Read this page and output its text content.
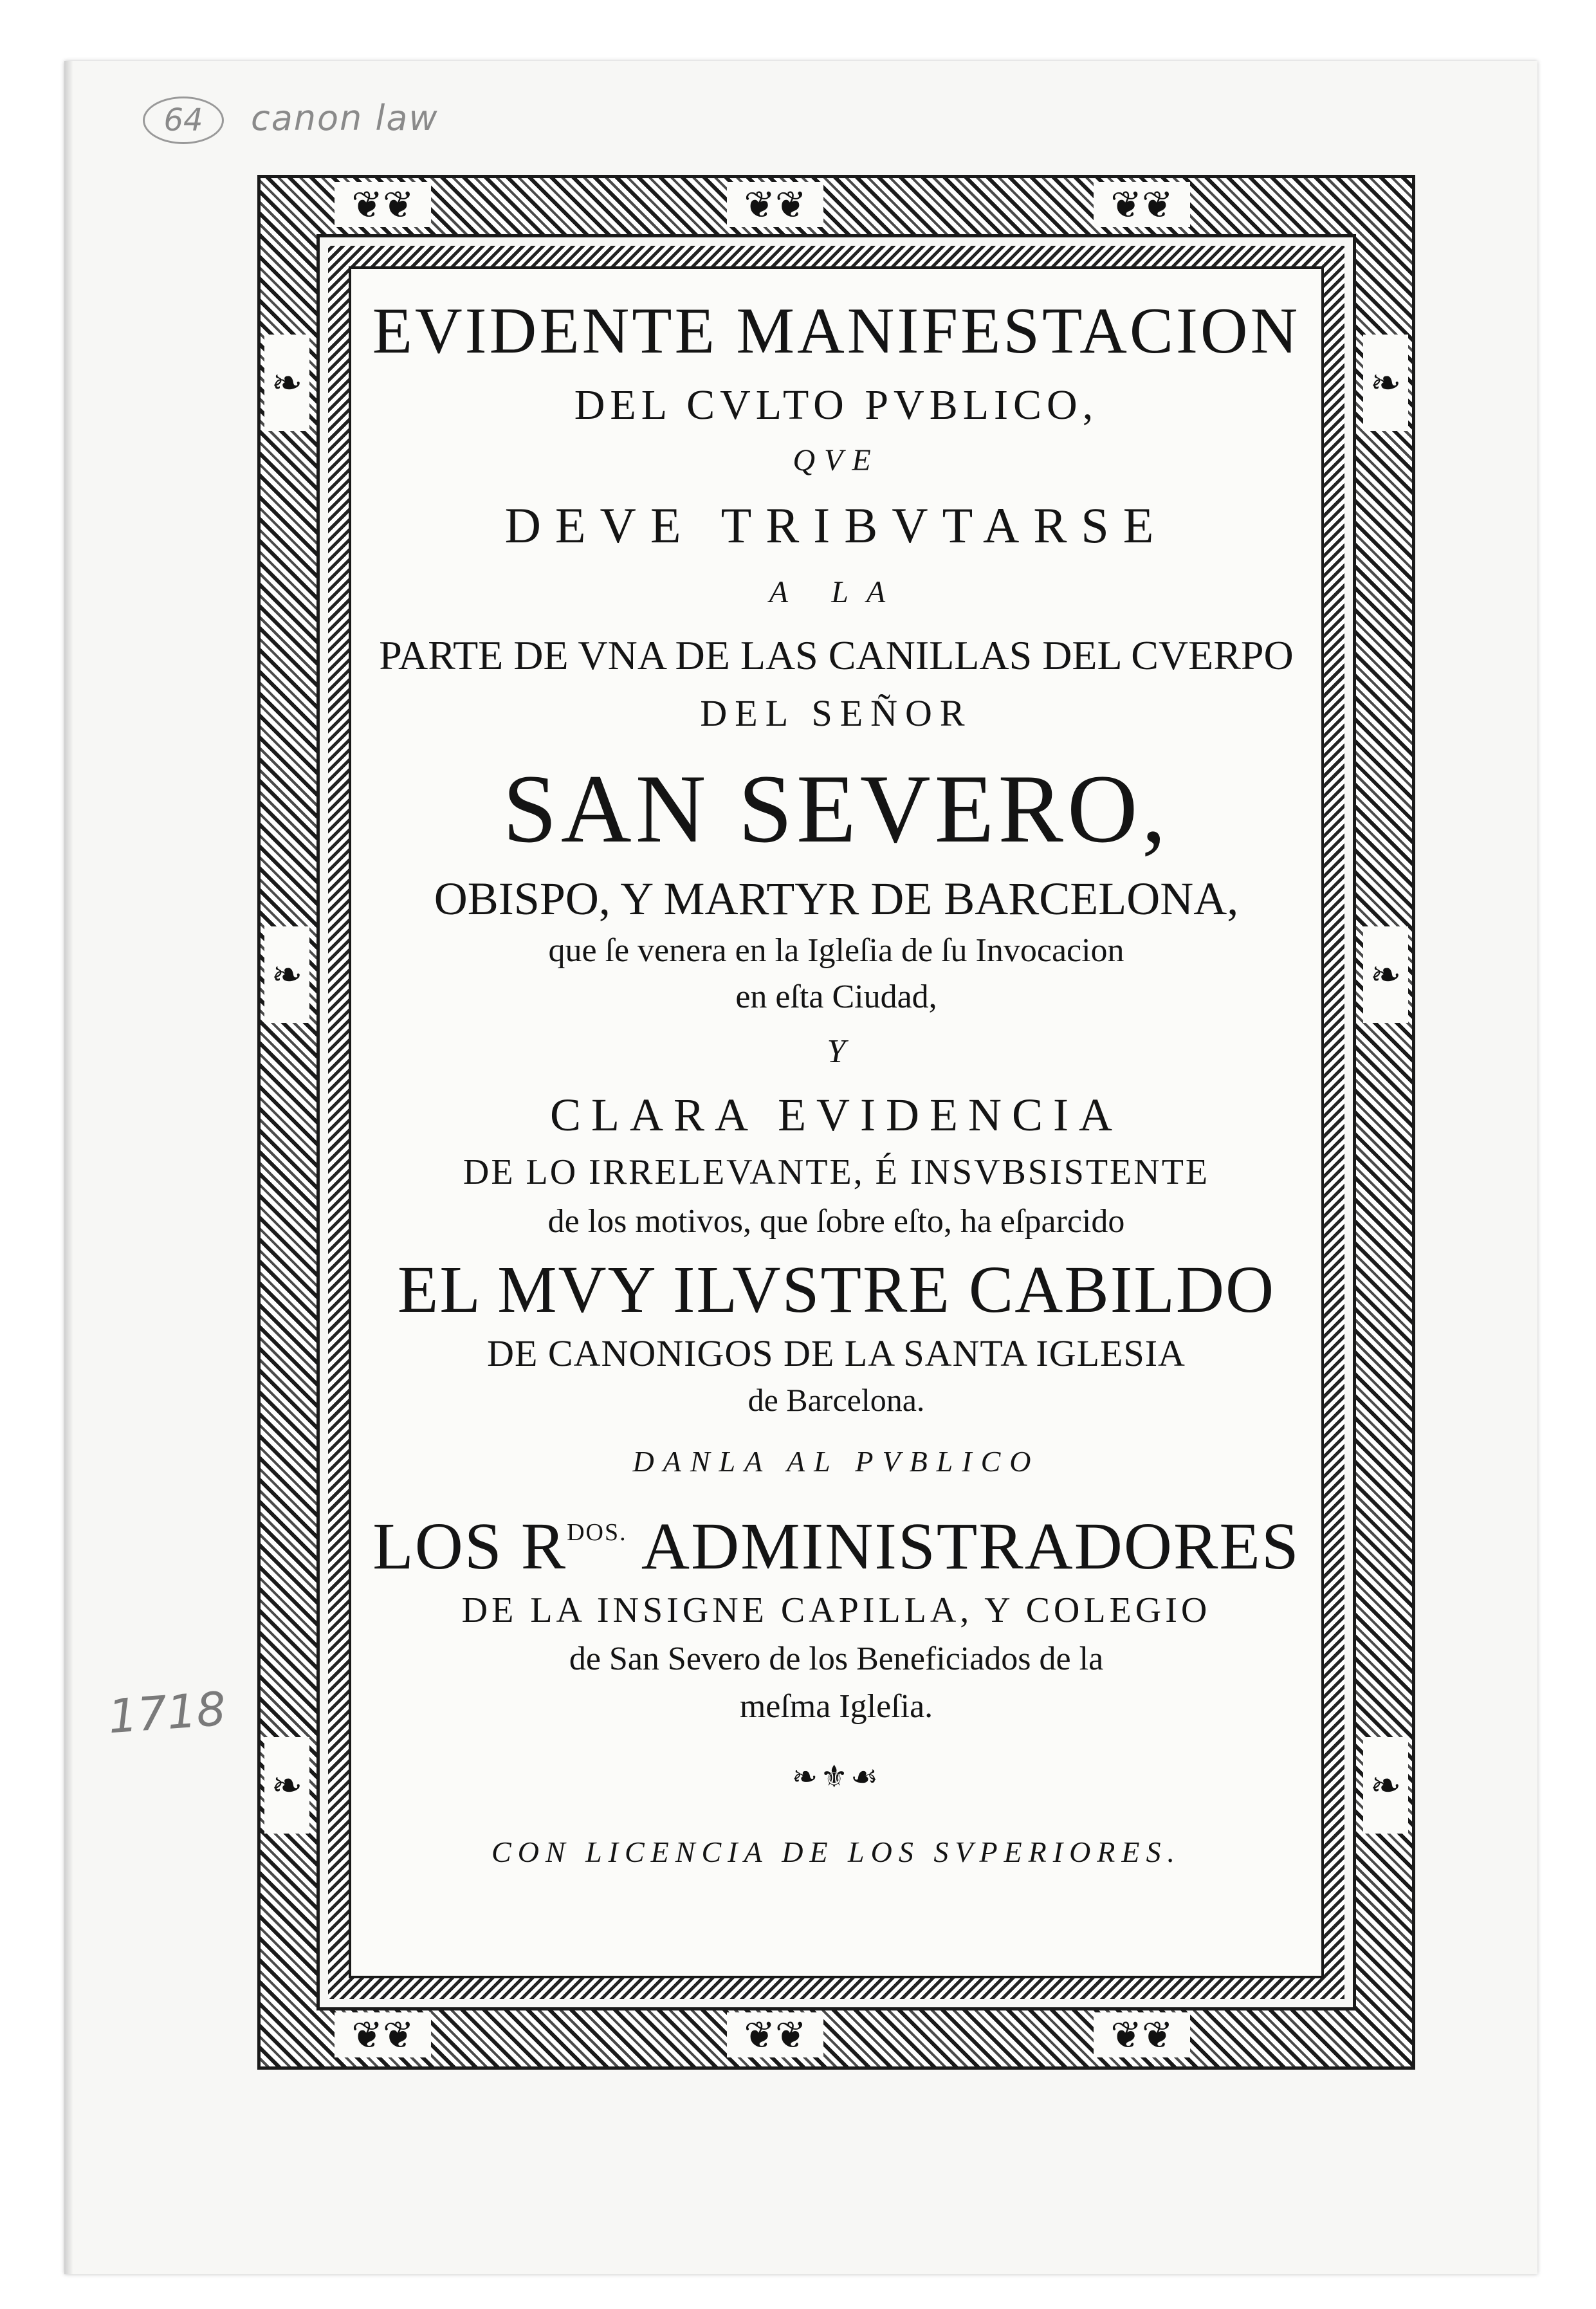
64	canon law
1718
❦❦	❦❦	❦❦
❦❦	❦❦	❦❦
❧
❧
❧
❧
❧
❧

EVIDENTE MANIFESTACION

DEL CVLTO PVBLICO,

QVE

DEVE TRIBVTARSE

A LA

PARTE DE VNA DE LAS CANILLAS DEL CVERPO

DEL SEÑOR

SAN SEVERO,

OBISPO, Y MARTYR DE BARCELONA,

que ſe venera en la Igleſia de ſu Invocacion

en eſta Ciudad,

Y

CLARA EVIDENCIA

DE LO IRRELEVANTE, É INSVBSISTENTE

de los motivos, que ſobre eſto, ha eſparcido

EL MVY ILVSTRE CABILDO

DE CANONIGOS DE LA SANTA IGLESIA

de Barcelona.

DANLA AL PVBLICO

LOS $R^{DOS.}$ ADMINISTRADORES

DE LA INSIGNE CAPILLA, Y COLEGIO

de San Severo de los Beneficiados de la

meſma Igleſia.

❧⚜☙

CON LICENCIA DE LOS SVPERIORES.
